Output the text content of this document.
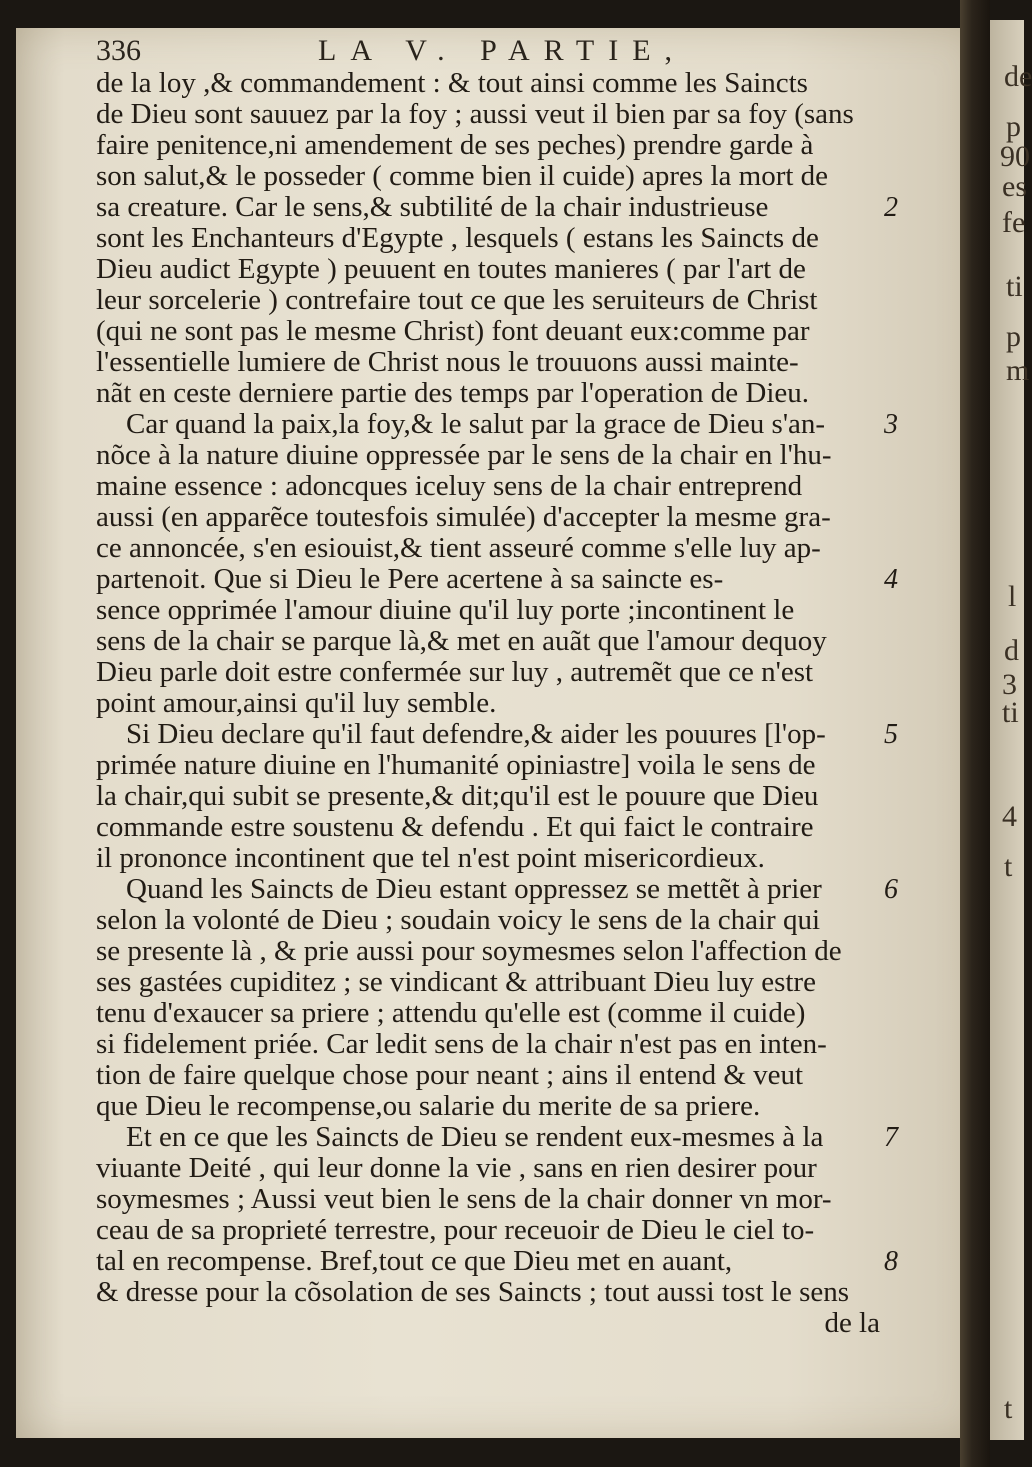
de
p
90
es
fe
ti
p
m
l
d
3
ti
4
t
t
336	LA V. PARTIE,
de la loy ,& commandement : & tout ainsi comme les Saincts
de Dieu sont sauuez par la foy ; aussi veut il bien par sa foy (sans
faire penitence,ni amendement de ses peches) prendre garde à
son salut,& le posseder ( comme bien il cuide) apres la mort de
sa creature. Car le sens,& subtilité de la chair industrieuse
sont les Enchanteurs d'Egypte , lesquels ( estans les Saincts de
Dieu audict Egypte ) peuuent en toutes manieres ( par l'art de
leur sorcelerie ) contrefaire tout ce que les seruiteurs de Christ
(qui ne sont pas le mesme Christ) font deuant eux:comme par
l'essentielle lumiere de Christ nous le trouuons aussi mainte-
nãt en ceste derniere partie des temps par l'operation de Dieu.
Car quand la paix,la foy,& le salut par la grace de Dieu s'an-
nõce à la nature diuine oppressée par le sens de la chair en l'hu-
maine essence : adoncques iceluy sens de la chair entreprend
aussi (en apparẽce toutesfois simulée) d'accepter la mesme gra-
ce annoncée, s'en esiouist,& tient asseuré comme s'elle luy ap-
partenoit. Que si Dieu le Pere acertene à sa saincte es-
sence opprimée l'amour diuine qu'il luy porte ;incontinent le
sens de la chair se parque là,& met en auãt que l'amour dequoy
Dieu parle doit estre confermée sur luy , autremẽt que ce n'est
point amour,ainsi qu'il luy semble.
Si Dieu declare qu'il faut defendre,& aider les pouures [l'op-
primée nature diuine en l'humanité opiniastre] voila le sens de
la chair,qui subit se presente,& dit;qu'il est le pouure que Dieu
commande estre soustenu & defendu . Et qui faict le contraire
il prononce incontinent que tel n'est point misericordieux.
Quand les Saincts de Dieu estant oppressez se mettẽt à prier
selon la volonté de Dieu ; soudain voicy le sens de la chair qui
se presente là , & prie aussi pour soymesmes selon l'affection de
ses gastées cupiditez ; se vindicant & attribuant Dieu luy estre
tenu d'exaucer sa priere ; attendu qu'elle est (comme il cuide)
si fidelement priée. Car ledit sens de la chair n'est pas en inten-
tion de faire quelque chose pour neant ; ains il entend & veut
que Dieu le recompense,ou salarie du merite de sa priere.
Et en ce que les Saincts de Dieu se rendent eux-mesmes à la
viuante Deité , qui leur donne la vie , sans en rien desirer pour
soymesmes ; Aussi veut bien le sens de la chair donner vn mor-
ceau de sa proprieté terrestre, pour receuoir de Dieu le ciel to-
tal en recompense. Bref,tout ce que Dieu met en auant,
& dresse pour la cõsolation de ses Saincts ; tout aussi tost le sens
de la
2
3
4
5
6
7
8
